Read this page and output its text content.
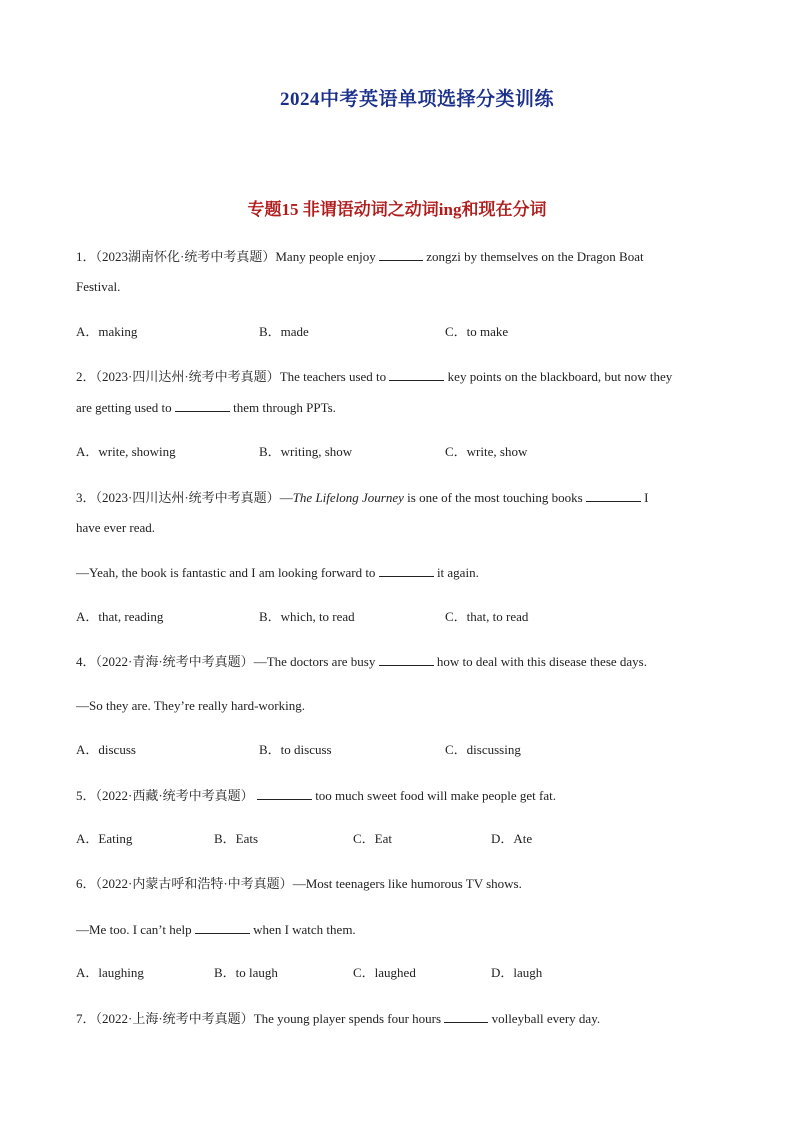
2024中考英语单项选择分类训练
专题15 非谓语动词之动词ing和现在分词
1．（2023湖南怀化·统考中考真题）Many people enjoy	zongzi by themselves on the Dragon Boat
Festival.
A．making	B．made	C．to make
2．（2023·四川达州·统考中考真题）The teachers used to	key points on the blackboard, but now they
are getting used to	them through PPTs.
A．write, showing	B．writing, show	C．write, show
3．（2023·四川达州·统考中考真题）—The Lifelong Journey is one of the most touching books	I
have ever read.
—Yeah, the book is fantastic and I am looking forward to	it again.
A．that, reading	B．which, to read	C．that, to read
4．（2022·青海·统考中考真题）—The doctors are busy	how to deal with this disease these days.
—So they are. They’re really hard-working.
A．discuss	B．to discuss	C．discussing
5．（2022·西藏·统考中考真题）	too much sweet food will make people get fat.
A．Eating	B．Eats	C．Eat	D．Ate
6．（2022·内蒙古呼和浩特·中考真题）—Most teenagers like humorous TV shows.
—Me too. I can’t help	when I watch them.
A．laughing	B．to laugh	C．laughed	D．laugh
7．（2022·上海·统考中考真题）The young player spends four hours	volleyball every day.
